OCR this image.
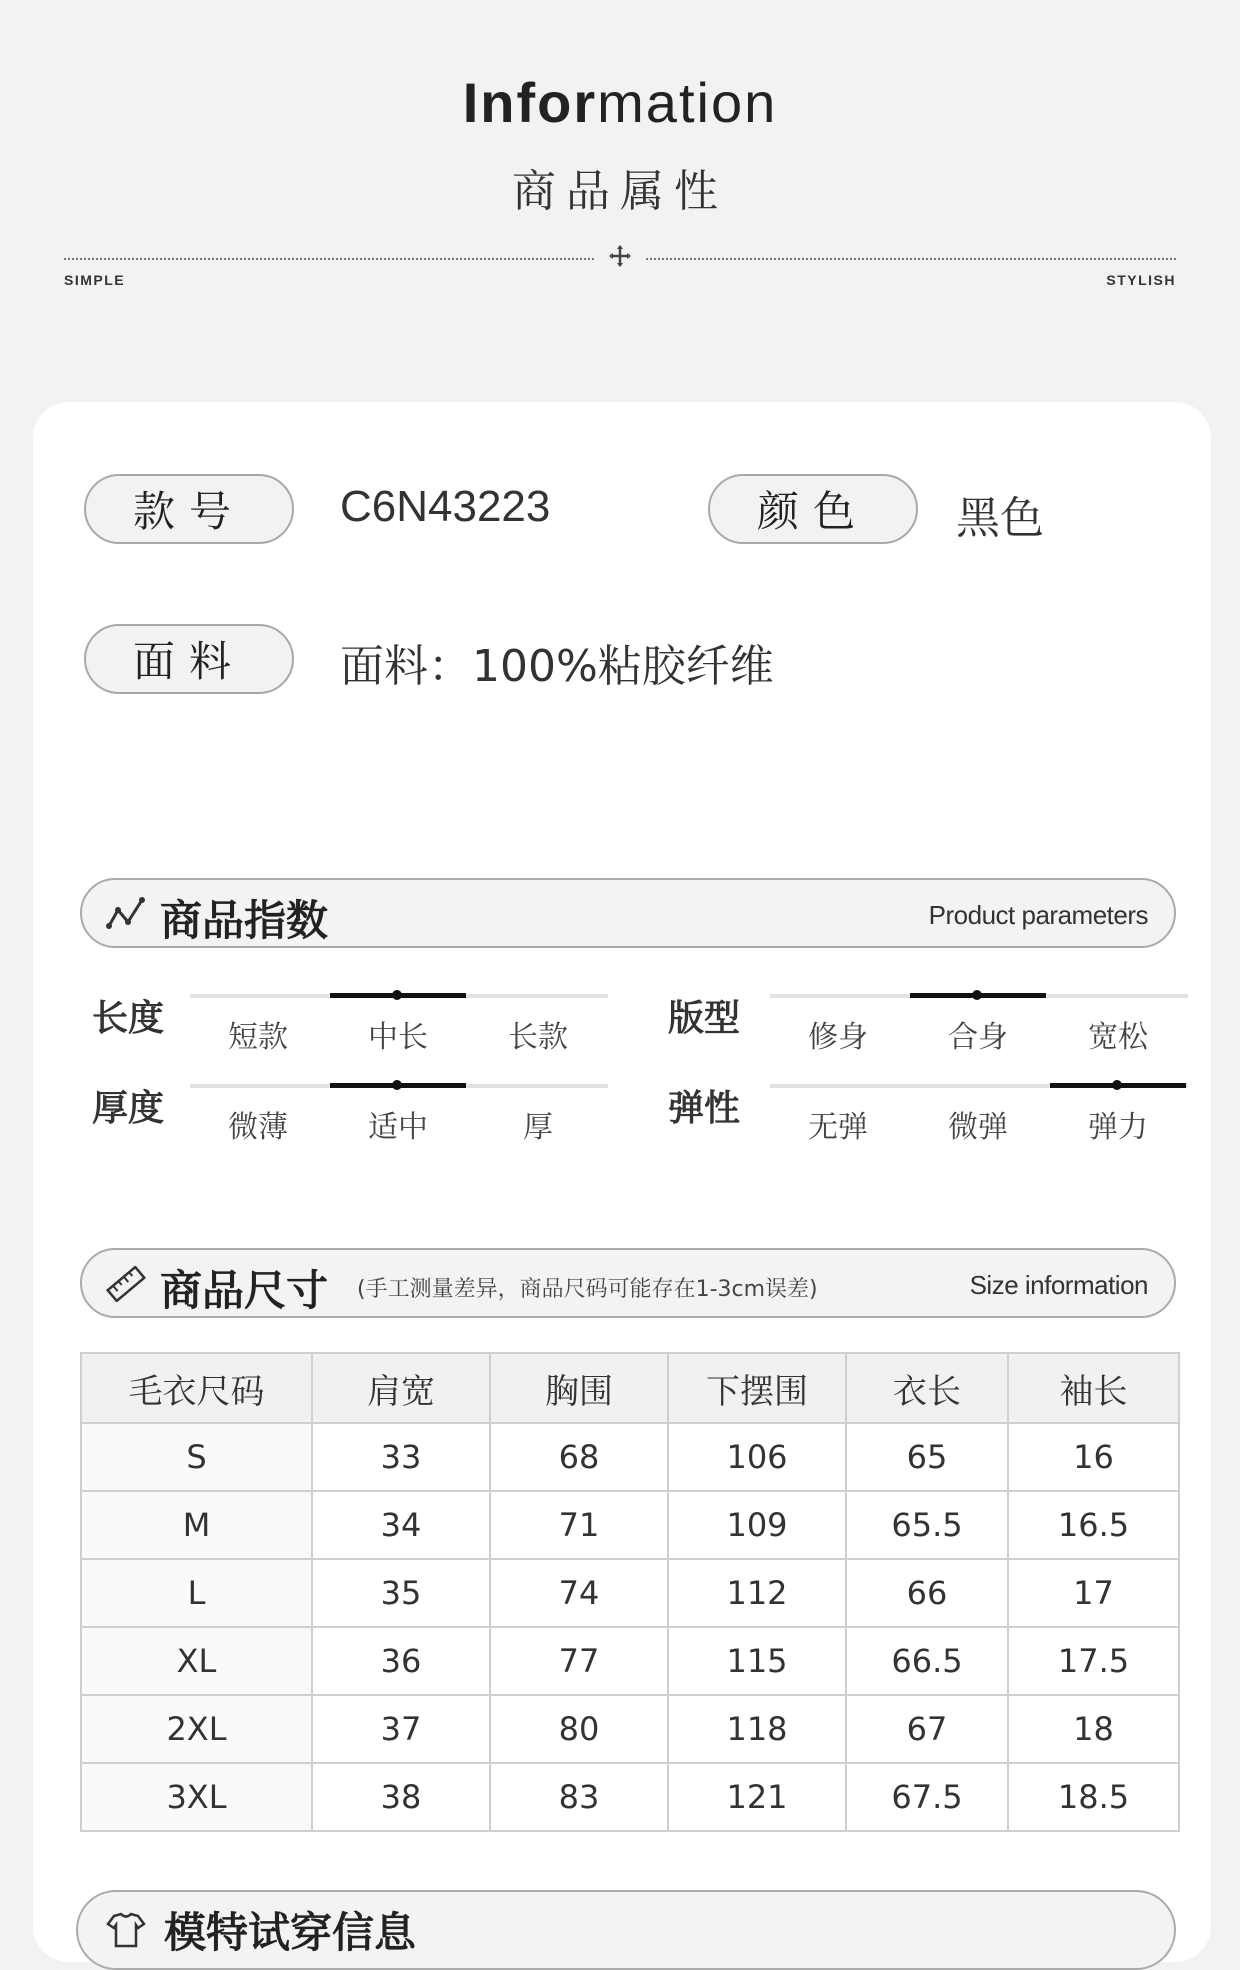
Information
商品属性
SIMPLE	STYLISH
款号	C6N43223	颜色	黑色
面料	面料：100%粘胶纤维
商品指数	Product parameters
长度	短款	中长	长款	版型	修身	合身	宽松
厚度	微薄	适中	厚	弹性	无弹	微弹	弹力
商品尺寸 (手工测量差异，商品尺码可能存在1-3cm误差)	Size information
毛衣尺码	肩宽	胸围	下摆围	衣长	袖长
S	33	68	106	65	16
M	34	71	109	65.5	16.5
L	35	74	112	66	17
XL	36	77	115	66.5	17.5
2XL	37	80	118	67	18
3XL	38	83	121	67.5	18.5
模特试穿信息
